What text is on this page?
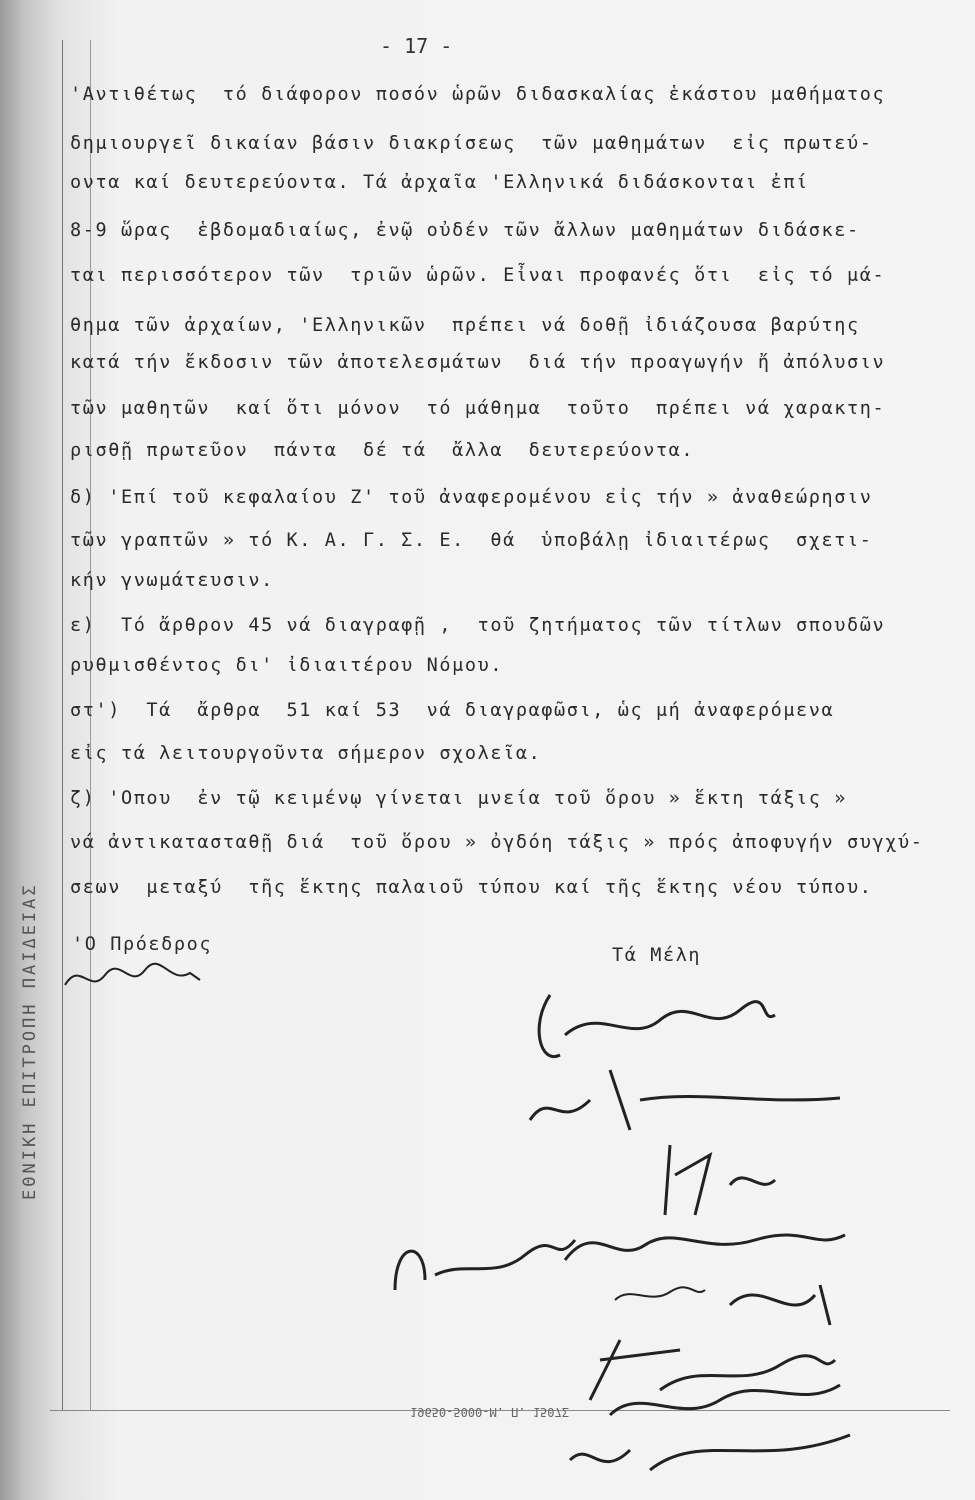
ΕΘΝΙΚΗ ΕΠΙΤΡΟΠΗ ΠΑΙΔΕΙΑΣ
- 17 -
'Αντιθέτως  τό διάφορον ποσόν ὡρῶν διδασκαλίας ἑκάστου μαθήματος
δημιουργεῖ δικαίαν βάσιν διακρίσεως  τῶν μαθημάτων  εἰς πρωτεύ-
οντα καί δευτερεύοντα. Τά ἀρχαῖα 'Ελληνικά διδάσκονται ἐπί
8-9 ὥρας  ἑβδομαδιαίως, ἐνῷ οὐδέν τῶν ἄλλων μαθημάτων διδάσκε-
ται περισσότερον τῶν  τριῶν ὡρῶν. Εἶναι προφανές ὅτι  εἰς τό μά-
θημα τῶν ἀρχαίων, 'Ελληνικῶν  πρέπει νά δοθῇ ἰδιάζουσα βαρύτης
κατά τήν ἔκδοσιν τῶν ἀποτελεσμάτων  διά τήν προαγωγήν ἤ ἀπόλυσιν
τῶν μαθητῶν  καί ὅτι μόνον  τό μάθημα  τοῦτο  πρέπει νά χαρακτη-
ρισθῇ πρωτεῦον  πάντα  δέ τά  ἄλλα  δευτερεύοντα.
δ) 'Επί τοῦ κεφαλαίου Ζ' τοῦ ἀναφερομένου εἰς τήν » ἀναθεώρησιν
τῶν γραπτῶν » τό Κ. Α. Γ. Σ. Ε.  θά  ὑποβάλῃ ἰδιαιτέρως  σχετι-
κήν γνωμάτευσιν.
ε)  Τό ἄρθρον 45 νά διαγραφῇ ,  τοῦ ζητήματος τῶν τίτλων σπουδῶν
ρυθμισθέντος δι' ἰδιαιτέρου Νόμου.
στ')  Τά  ἄρθρα  51 καί 53  νά διαγραφῶσι, ὡς μή ἀναφερόμενα
εἰς τά λειτουργοῦντα σήμερον σχολεῖα.
ζ) 'Οπου  ἐν τῷ κειμένῳ γίνεται μνεία τοῦ ὅρου » ἕκτη τάξις »
νά ἀντικατασταθῇ διά  τοῦ ὅρου » ὀγδόη τάξις » πρός ἀποφυγήν συγχύ-
σεων  μεταξύ  τῆς ἕκτης παλαιοῦ τύπου καί τῆς ἕκτης νέου τύπου.
'Ο Πρόεδρος
Τά Μέλη
19650-5000-Μ. Π. 1507Σ
